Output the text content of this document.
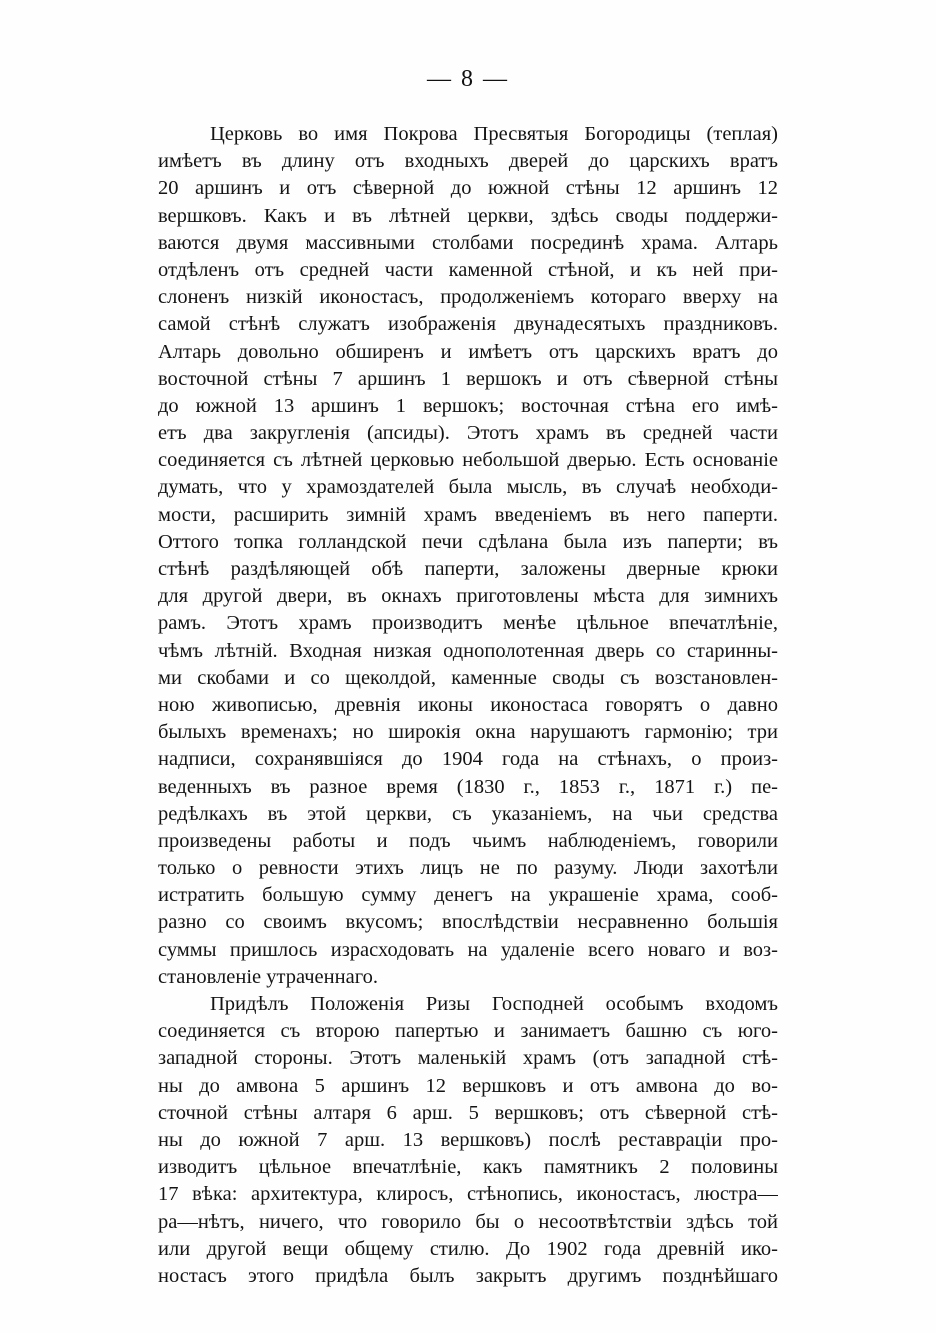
— 8 —
Церковь во имя Покрова Пресвятыя Богородицы (теплая)
имѣетъ въ длину отъ входныхъ дверей до царскихъ вратъ
20 аршинъ и отъ сѣверной до южной стѣны 12 аршинъ 12
вершковъ. Какъ и въ лѣтней церкви, здѣсь своды поддержи-
ваются двумя массивными столбами посрединѣ храма. Алтарь
отдѣленъ отъ средней части каменной стѣной, и къ ней при-
слоненъ низкій иконостасъ, продолженіемъ котораго вверху на
самой стѣнѣ служатъ изображенія двунадесятыхъ праздниковъ.
Алтарь довольно обширенъ и имѣетъ отъ царскихъ вратъ до
восточной стѣны 7 аршинъ 1 вершокъ и отъ сѣверной стѣны
до южной 13 аршинъ 1 вершокъ; восточная стѣна его имѣ-
етъ два закругленія (апсиды). Этотъ храмъ въ средней части
соединяется съ лѣтней церковью небольшой дверью. Есть основаніе
думать, что у храмоздателей была мысль, въ случаѣ необходи-
мости, расширить зимній храмъ введеніемъ въ него паперти.
Оттого топка голландской печи сдѣлана была изъ паперти; въ
стѣнѣ раздѣляющей обѣ паперти, заложены дверные крюки
для другой двери, въ окнахъ приготовлены мѣста для зимнихъ
рамъ. Этотъ храмъ производитъ менѣе цѣльное впечатлѣніе,
чѣмъ лѣтній. Входная низкая однополотенная дверь со старинны-
ми скобами и со щеколдой, каменные своды съ возстановлен-
ною живописью, древнія иконы иконостаса говорятъ о давно
былыхъ временахъ; но широкія окна нарушаютъ гармонію; три
надписи, сохранявшіяся до 1904 года на стѣнахъ, о произ-
веденныхъ въ разное время (1830 г., 1853 г., 1871 г.) пе-
редѣлкахъ въ этой церкви, съ указаніемъ, на чьи средства
произведены работы и подъ чьимъ наблюденіемъ, говорили
только о ревности этихъ лицъ не по разуму. Люди захотѣли
истратить большую сумму денегъ на украшеніе храма, сооб-
разно со своимъ вкусомъ; впослѣдствіи несравненно большія
суммы пришлось израсходовать на удаленіе всего новаго и воз-
становленіе утраченнаго.
Придѣлъ Положенія Ризы Господней особымъ входомъ
соединяется съ второю папертью и занимаетъ башню съ юго-
западной стороны. Этотъ маленькій храмъ (отъ западной стѣ-
ны до амвона 5 аршинъ 12 вершковъ и отъ амвона до во-
сточной стѣны алтаря 6 арш. 5 вершковъ; отъ сѣверной стѣ-
ны до южной 7 арш. 13 вершковъ) послѣ реставраціи про-
изводитъ цѣльное впечатлѣніе, какъ памятникъ 2 половины
17 вѣка: архитектура, клиросъ, стѣнопись, иконостасъ, люстра—
ра—нѣтъ, ничего, что говорило бы о несоотвѣтствіи здѣсь той
или другой вещи общему стилю. До 1902 года древній ико-
ностасъ этого придѣла былъ закрытъ другимъ позднѣйшаго
